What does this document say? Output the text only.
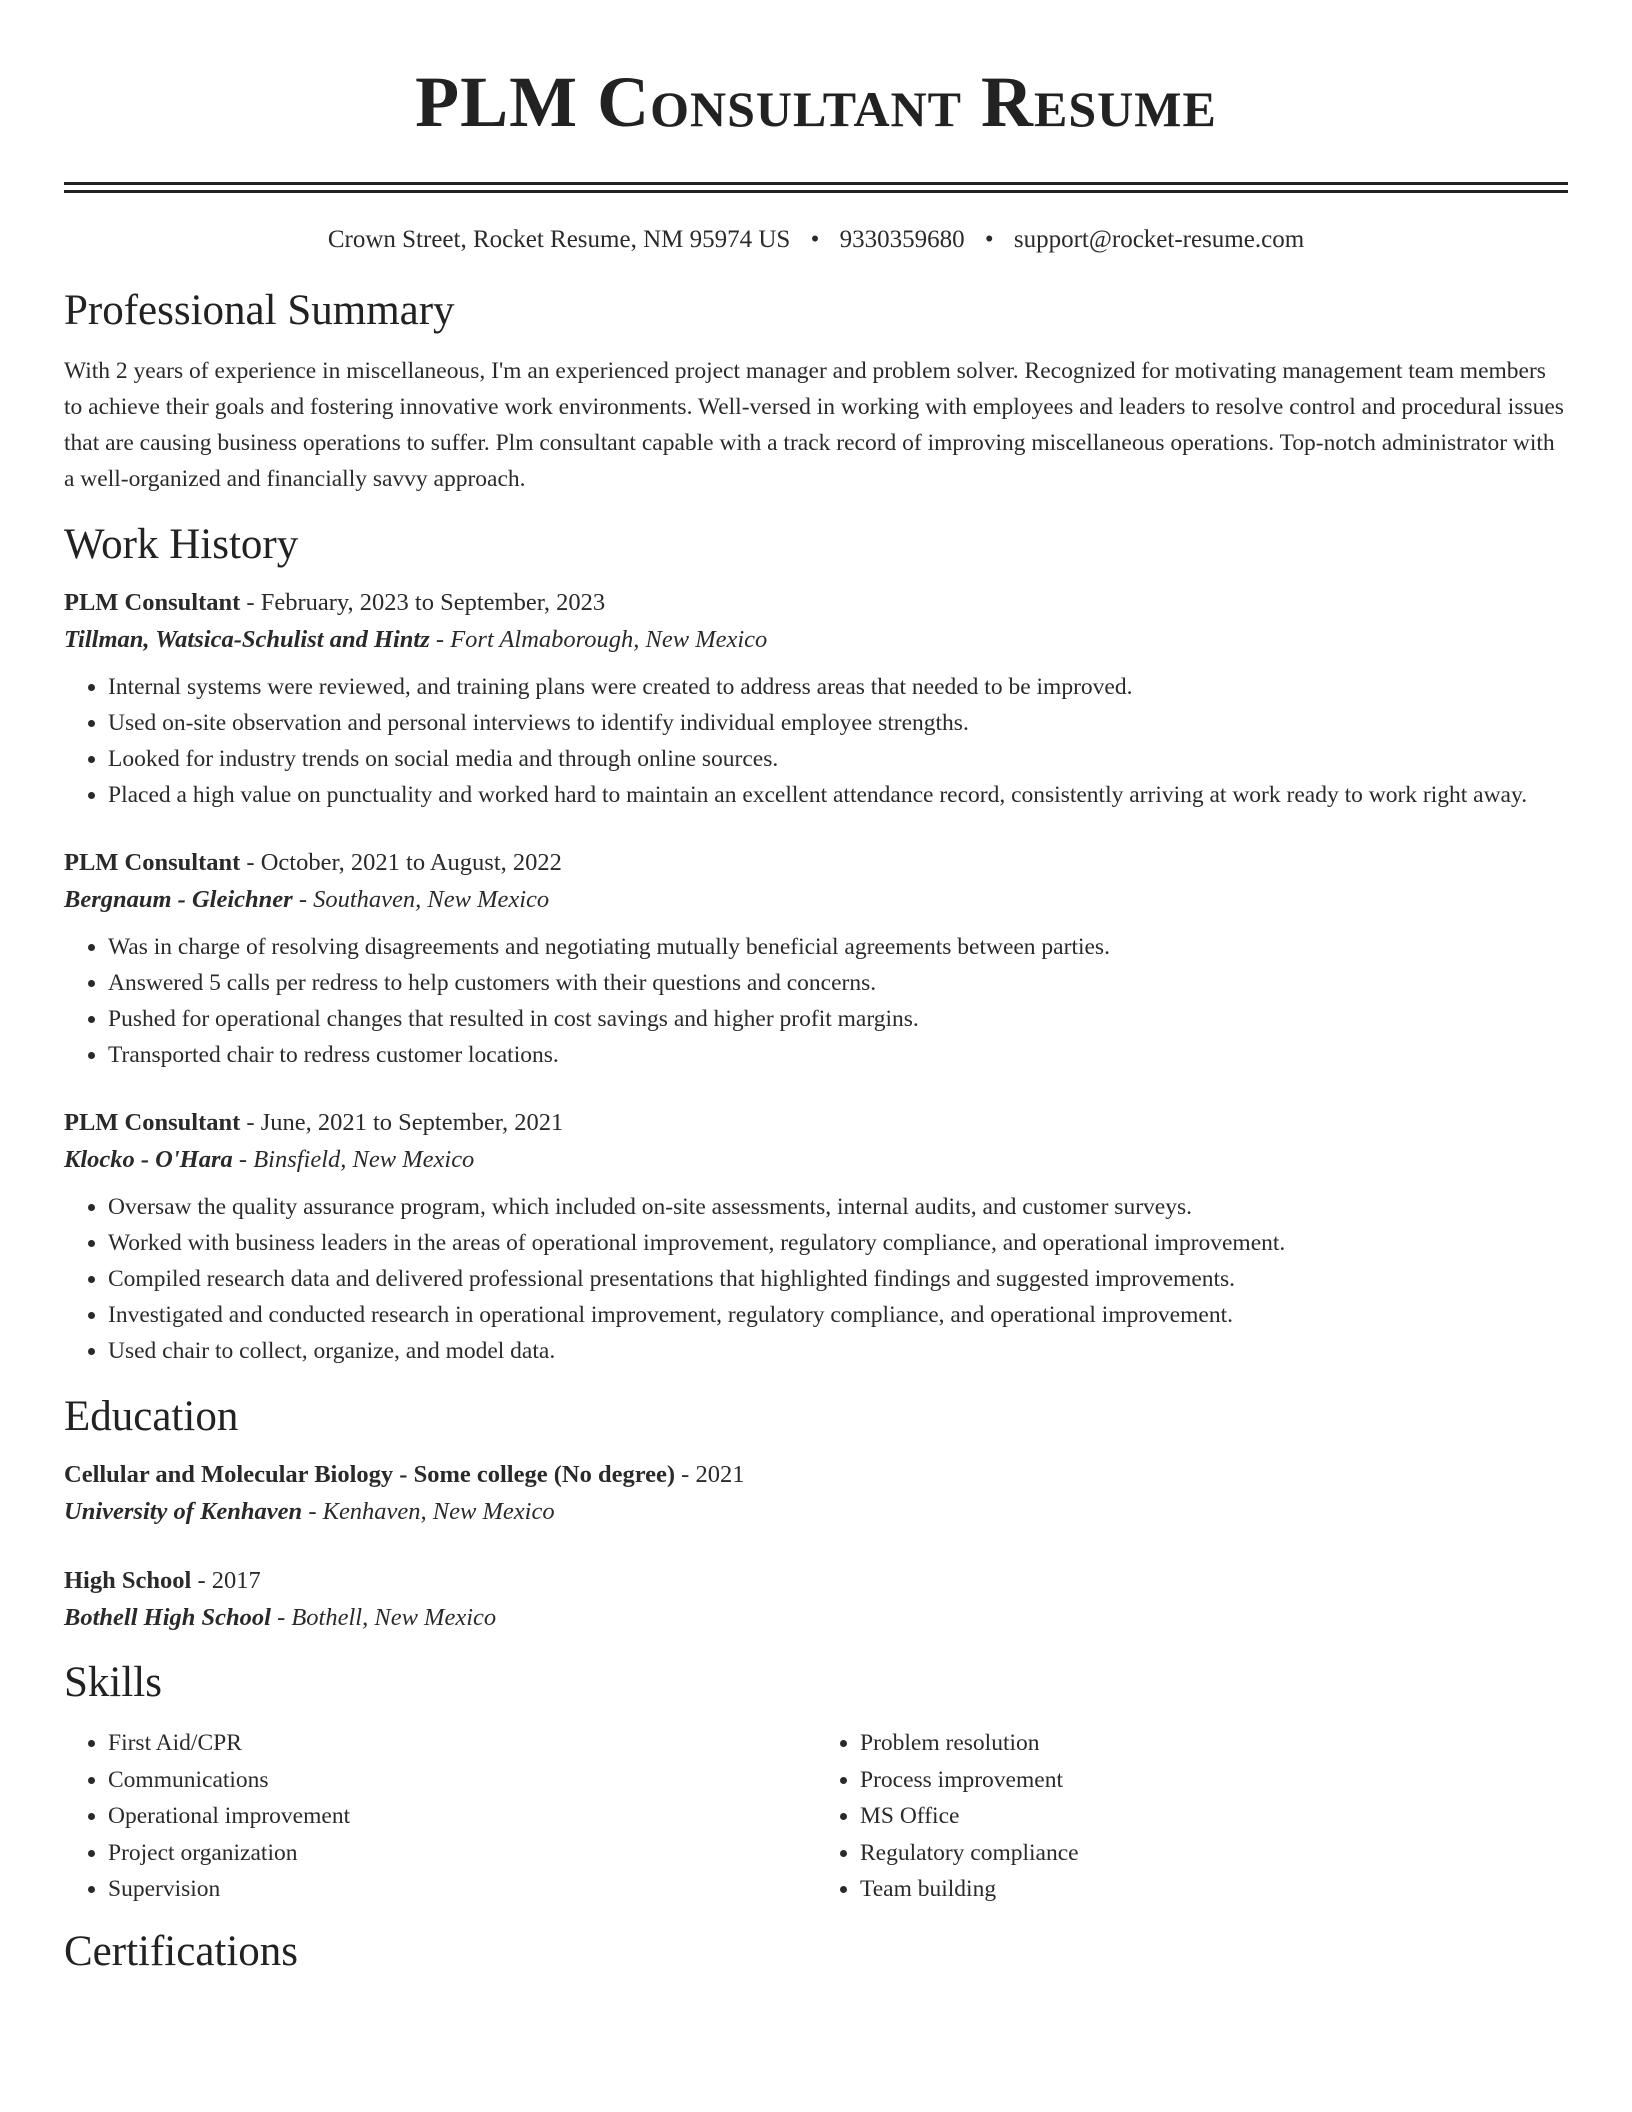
PLM Consultant Resume
Crown Street, Rocket Resume, NM 95974 US • 9330359680 • support@rocket-resume.com
Professional Summary

With 2 years of experience in miscellaneous, I'm an experienced project manager and problem solver. Recognized for motivating management team members to achieve their goals and fostering innovative work environments. Well-versed in working with employees and leaders to resolve control and procedural issues that are causing business operations to suffer. Plm consultant capable with a track record of improving miscellaneous operations. Top-notch administrator with a well-organized and financially savvy approach.

Work History
PLM Consultant - February, 2023 to September, 2023
Tillman, Watsica-Schulist and Hintz - Fort Almaborough, New Mexico
• Internal systems were reviewed, and training plans were created to address areas that needed to be improved.
• Used on-site observation and personal interviews to identify individual employee strengths.
• Looked for industry trends on social media and through online sources.
• Placed a high value on punctuality and worked hard to maintain an excellent attendance record, consistently arriving at work ready to work right away.
PLM Consultant - October, 2021 to August, 2022
Bergnaum - Gleichner - Southaven, New Mexico
• Was in charge of resolving disagreements and negotiating mutually beneficial agreements between parties.
• Answered 5 calls per redress to help customers with their questions and concerns.
• Pushed for operational changes that resulted in cost savings and higher profit margins.
• Transported chair to redress customer locations.
PLM Consultant - June, 2021 to September, 2021
Klocko - O'Hara - Binsfield, New Mexico
• Oversaw the quality assurance program, which included on-site assessments, internal audits, and customer surveys.
• Worked with business leaders in the areas of operational improvement, regulatory compliance, and operational improvement.
• Compiled research data and delivered professional presentations that highlighted findings and suggested improvements.
• Investigated and conducted research in operational improvement, regulatory compliance, and operational improvement.
• Used chair to collect, organize, and model data.
Education
Cellular and Molecular Biology - Some college (No degree) - 2021
University of Kenhaven - Kenhaven, New Mexico
High School - 2017
Bothell High School - Bothell, New Mexico
Skills
• First Aid/CPR
• Communications
• Operational improvement
• Project organization
• Supervision
• Problem resolution
• Process improvement
• MS Office
• Regulatory compliance
• Team building
Certifications
